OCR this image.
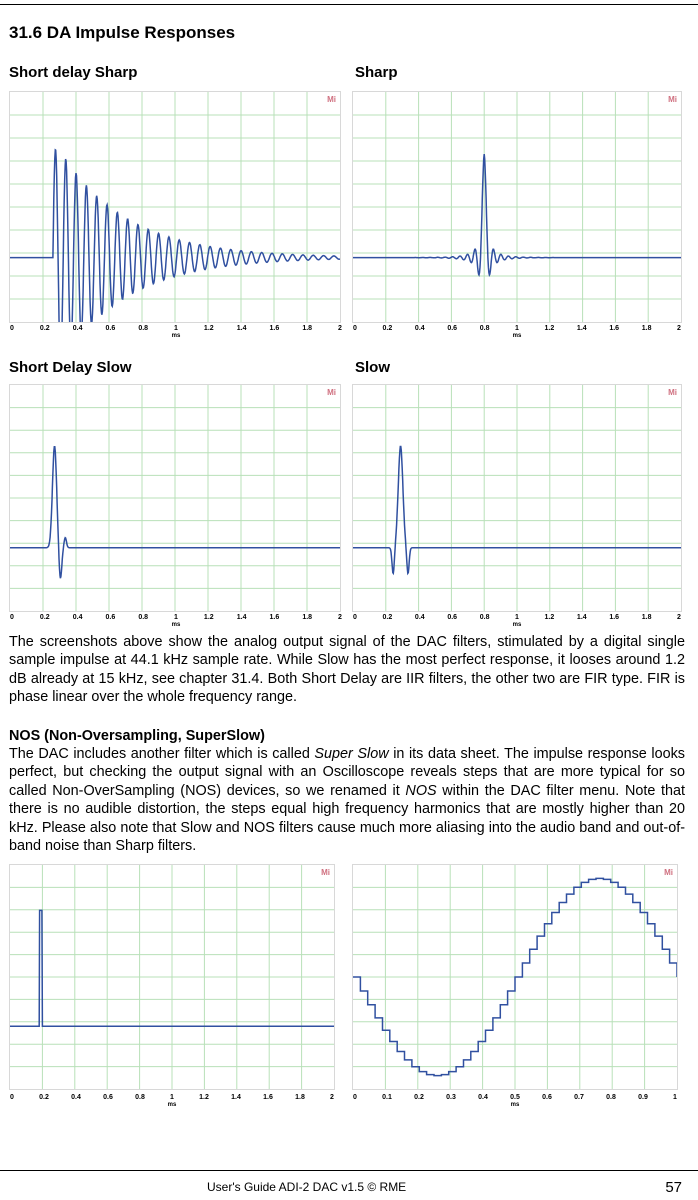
31.6 DA Impulse Responses
Short delay Sharp	Sharp
Short Delay Slow	Slow
Mi	Mi
Mi	Mi
Mi	Mi
0	0.2	0.4	0.6	0.8	1	1.2	1.4	1.6	1.8	2
ms
0	0.2	0.4	0.6	0.8	1	1.2	1.4	1.6	1.8	2
ms
0	0.2	0.4	0.6	0.8	1	1.2	1.4	1.6	1.8	2
ms
0	0.2	0.4	0.6	0.8	1	1.2	1.4	1.6	1.8	2
ms
0	0.2	0.4	0.6	0.8	1	1.2	1.4	1.6	1.8	2
ms
0	0.1	0.2	0.3	0.4	0.5	0.6	0.7	0.8	0.9	1
ms
The screenshots above show the analog output signal of the DAC filters, stimulated by a digital single sample impulse at 44.1 kHz sample rate. While Slow has the most perfect response, it looses around 1.2 dB already at 15 kHz, see chapter 31.4. Both Short Delay are IIR filters, the other two are FIR type. FIR is phase linear over the whole frequency range.
NOS (Non-Oversampling, SuperSlow)
The DAC includes another filter which is called Super Slow in its data sheet. The impulse response looks perfect, but checking the output signal with an Oscilloscope reveals steps that are more typical for so called Non-OverSampling (NOS) devices, so we renamed it NOS within the DAC filter menu. Note that there is no audible distortion, the steps equal high frequency harmonics that are mostly higher than 20 kHz. Please also note that Slow and NOS filters cause much more aliasing into the audio band and out-of-band noise than Sharp filters.
User's Guide ADI-2 DAC v1.5 © RME	57
